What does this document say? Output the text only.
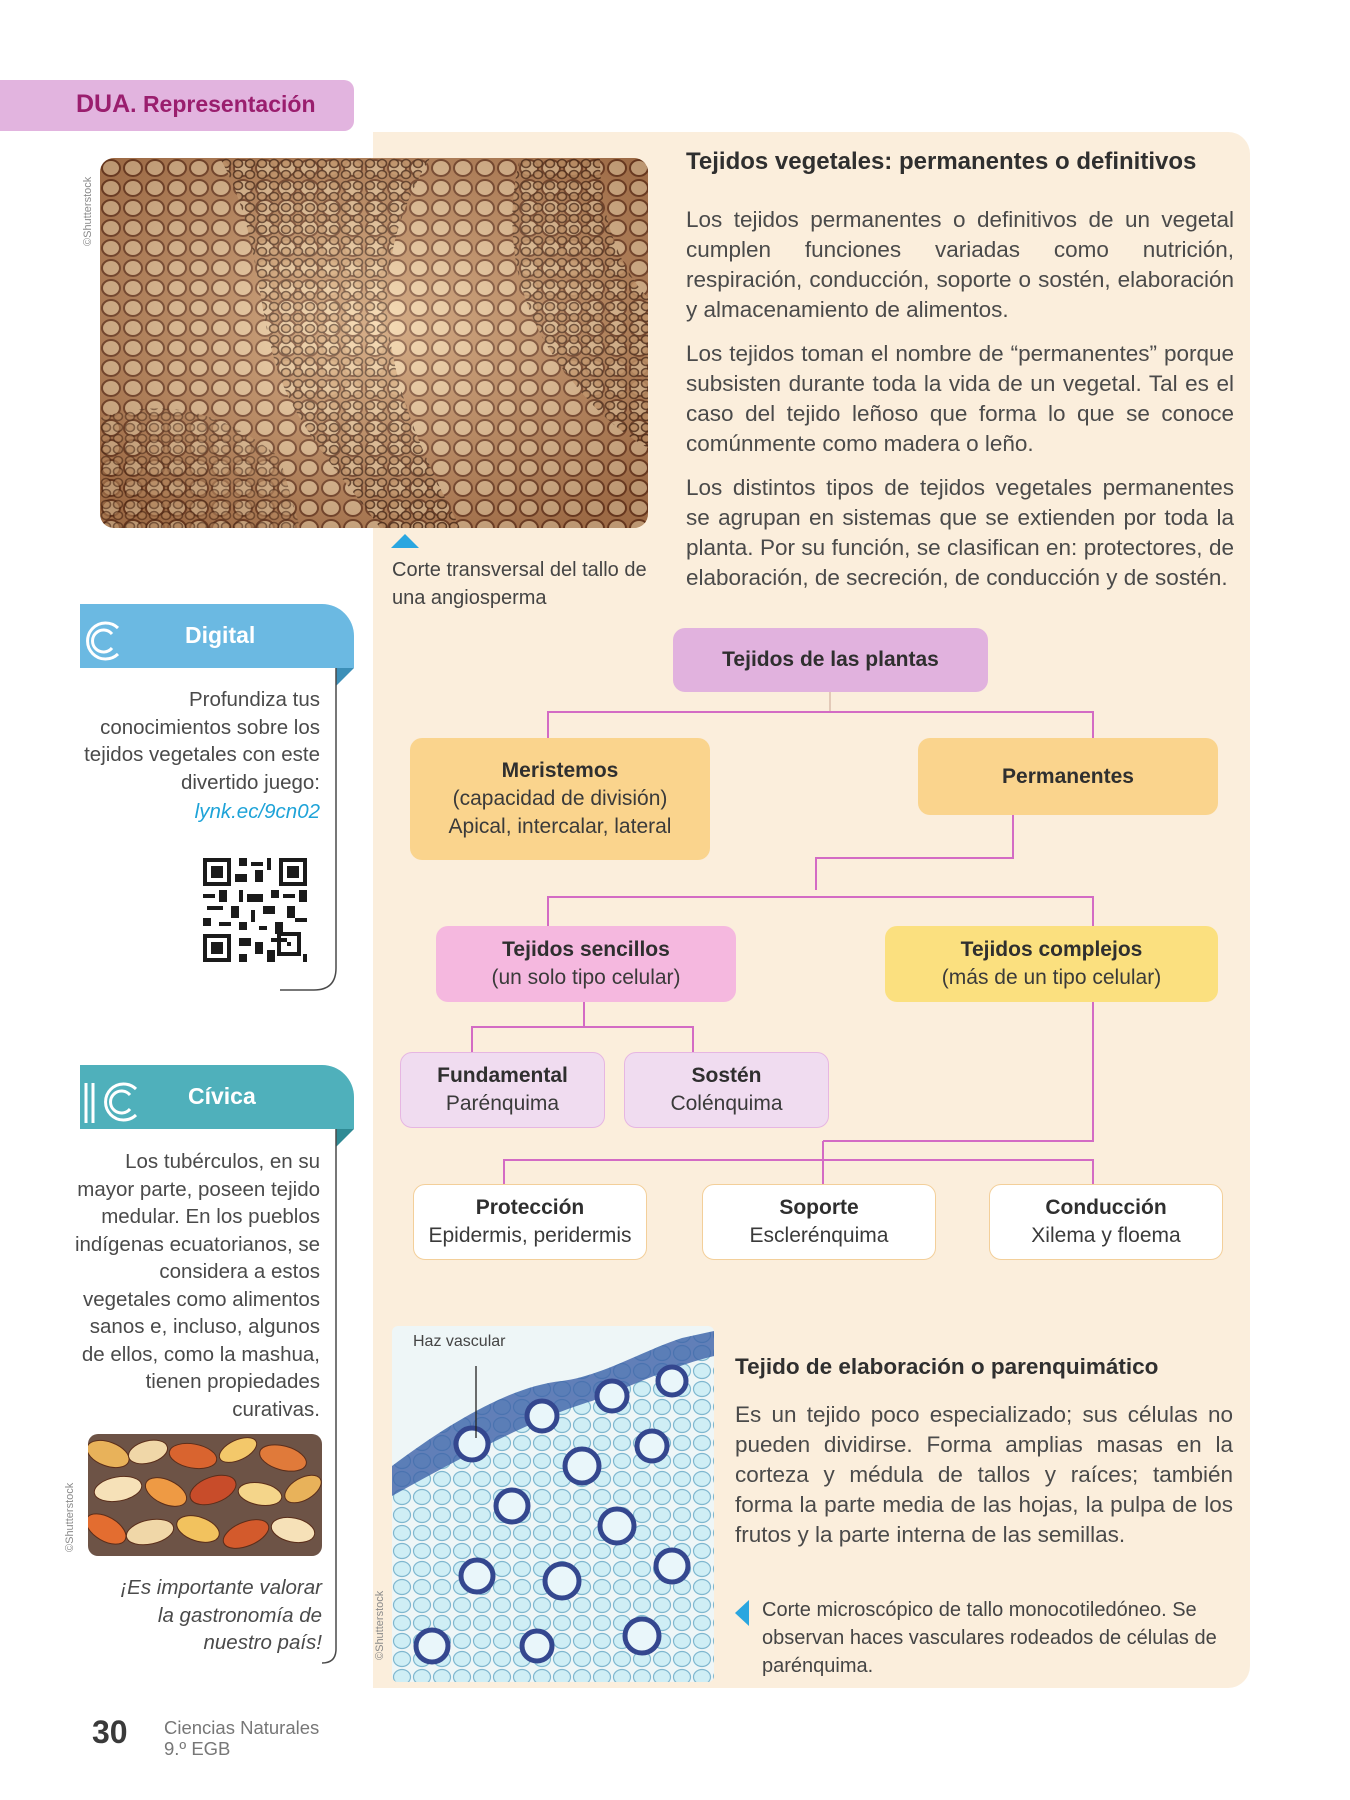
DUA. Representación
©Shutterstock
Corte transversal del tallo de una angiosperma
Tejidos vegetales: permanentes o definitivos

Los tejidos permanentes o definitivos de un vegetal cumplen funciones variadas como nutrición, respiración, conducción, soporte o sostén, elaboración y almacenamiento de alimentos.

Los tejidos toman el nombre de “permanentes” porque subsisten durante toda la vida de un vegetal. Tal es el caso del tejido leñoso que forma lo que se conoce comúnmente como madera o leño.

Los distintos tipos de tejidos vegetales permanentes se agrupan en sistemas que se extienden por toda la planta. Por su función, se clasifican en: protectores, de elaboración, de secreción, de conducción y de sostén.

Tejidos de las plantas
Meristemos
(capacidad de división)
Apical, intercalar, lateral
Permanentes
Tejidos sencillos
(un solo tipo celular)
Tejidos complejos
(más de un tipo celular)
Fundamental
Parénquima
Sostén
Colénquima
Protección
Epidermis, peridermis
Soporte
Esclerénquima
Conducción
Xilema y floema
Digital
Profundiza tus conocimientos sobre los tejidos vegetales con este divertido juego:
lynk.ec/9cn02
Cívica
Los tubérculos, en su mayor parte, poseen tejido medular. En los pueblos indígenas ecuatorianos, se considera a estos vegetales como alimentos sanos e, incluso, algunos de ellos, como la mashua, tienen propiedades curativas.
©Shutterstock
¡Es importante valorar la gastronomía de nuestro país!	©Shutterstock
Haz vascular
Tejido de elaboración o parenquimático
Es un tejido poco especializado; sus células no pueden dividirse. Forma amplias masas en la corteza y médula de tallos y raíces; también forma la parte media de las hojas, la pulpa de los frutos y la parte interna de las semillas.
Corte microscópico de tallo monocotiledóneo. Se observan haces vasculares rodeados de células de parénquima.
30 Ciencias Naturales
9.º EGB
